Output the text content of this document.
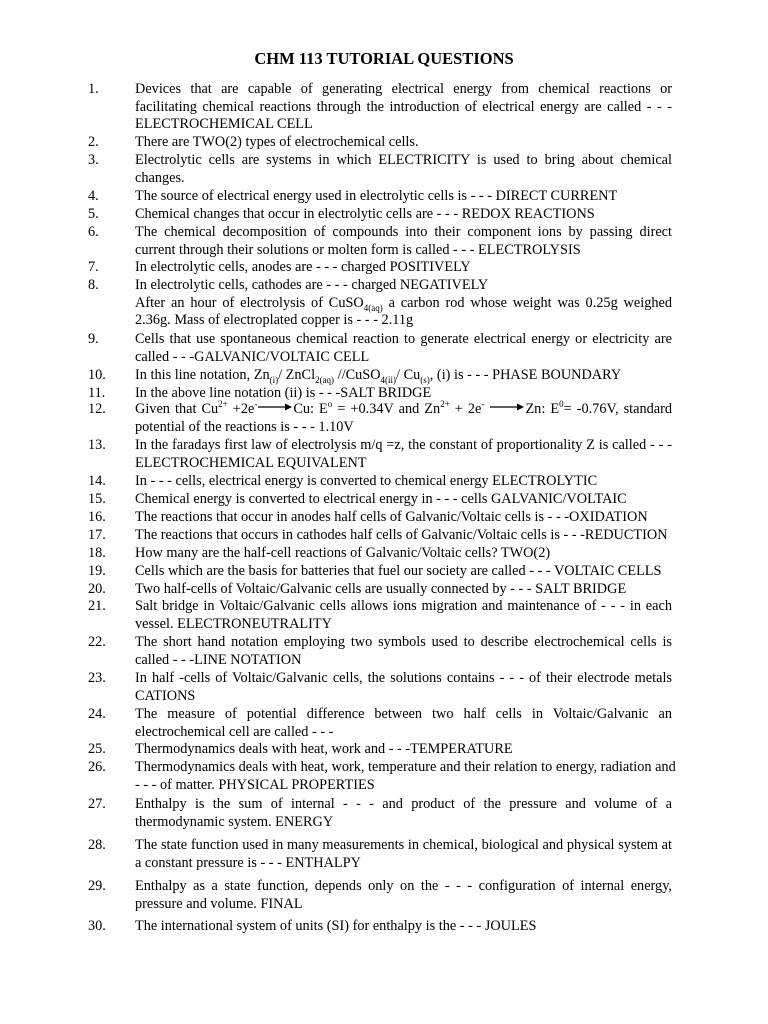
CHM 113 TUTORIAL QUESTIONS
1.	Devices that are capable of generating electrical energy from chemical reactions or
facilitating chemical reactions through the introduction of electrical energy are called - - -
ELECTROCHEMICAL CELL
2.	There are TWO(2) types of electrochemical cells.
3.	Electrolytic cells are systems in which ELECTRICITY is used to bring about chemical
changes.
4.	The source of electrical energy used in electrolytic cells is - - - DIRECT CURRENT
5.	Chemical changes that occur in electrolytic cells are - - - REDOX REACTIONS
6.	The chemical decomposition of compounds into their component ions by passing direct
current through their solutions or molten form is called - - - ELECTROLYSIS
7.	In electrolytic cells, anodes are - - - charged POSITIVELY
8.	In electrolytic cells, cathodes are - - - charged NEGATIVELY
After an hour of electrolysis of CuSO$_{4(aq)}$ a carbon rod whose weight was 0.25g weighed
2.36g. Mass of electroplated copper is - - - 2.11g
9.	Cells that use spontaneous chemical reaction to generate electrical energy or electricity are
called - - -GALVANIC/VOLTAIC CELL
10. In this line notation, $Zn_{(i)}/$ ZnCl$_{2(aq)}$ //CuSO$_{4(ii)}$/ $Cu_{(s)}$, (i) is - - - PHASE BOUNDARY
11. In the above line notation (ii) is - - -SALT BRIDGE
12. Given that $Cu^{2+} +2e^-\to Cu$: $E^o = +0.34V$ and $Zn^{2+} + 2e^- \to Zn$: $E^0= -0.76V$, standard
potential of the reactions is - - - 1.10V
13. In the faradays first law of electrolysis m/q =z, the constant of proportionality Z is called - - -
ELECTROCHEMICAL EQUIVALENT
14. In - - - cells, electrical energy is converted to chemical energy ELECTROLYTIC
15. Chemical energy is converted to electrical energy in - - - cells GALVANIC/VOLTAIC
16. The reactions that occur in anodes half cells of Galvanic/Voltaic cells is - - -OXIDATION
17. The reactions that occurs in cathodes half cells of Galvanic/Voltaic cells is - - -REDUCTION
18. How many are the half-cell reactions of Galvanic/Voltaic cells? TWO(2)
19. Cells which are the basis for batteries that fuel our society are called - - - VOLTAIC CELLS
20. Two half-cells of Voltaic/Galvanic cells are usually connected by - - - SALT BRIDGE
21. Salt bridge in Voltaic/Galvanic cells allows ions migration and maintenance of - - - in each
vessel. ELECTRONEUTRALITY
22. The short hand notation employing two symbols used to describe electrochemical cells is
called - - -LINE NOTATION
23. In half -cells of Voltaic/Galvanic cells, the solutions contains - - - of their electrode metals
CATIONS
24. The measure of potential difference between two half cells in Voltaic/Galvanic an
electrochemical cell are called - - -
25. Thermodynamics deals with heat, work and - - -TEMPERATURE
26. Thermodynamics deals with heat, work, temperature and their relation to energy, radiation and
- - - of matter. PHYSICAL PROPERTIES
27. Enthalpy is the sum of internal - - - and product of the pressure and volume of a
thermodynamic system. ENERGY
28. The state function used in many measurements in chemical, biological and physical system at
a constant pressure is - - - ENTHALPY
29. Enthalpy as a state function, depends only on the - - - configuration of internal energy,
pressure and volume. FINAL
30. The international system of units (SI) for enthalpy is the - - - JOULES
